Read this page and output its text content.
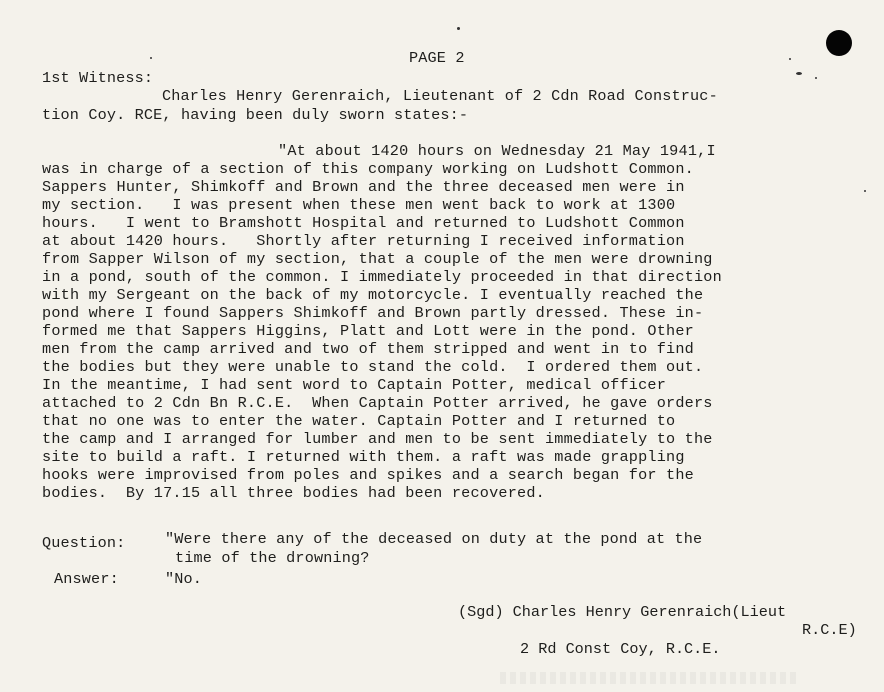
PAGE 2
1st Witness:
Charles Henry Gerenraich, Lieutenant of 2 Cdn Road Construc-
tion Coy. RCE, having been duly sworn states:-
"At about 1420 hours on Wednesday 21 May 1941,I
was in charge of a section of this company working on Ludshott Common.
Sappers Hunter, Shimkoff and Brown and the three deceased men were in
my section.   I was present when these men went back to work at 1300
hours.   I went to Bramshott Hospital and returned to Ludshott Common
at about 1420 hours.   Shortly after returning I received information
from Sapper Wilson of my section, that a couple of the men were drowning
in a pond, south of the common. I immediately proceeded in that direction
with my Sergeant on the back of my motorcycle. I eventually reached the
pond where I found Sappers Shimkoff and Brown partly dressed. These in-
formed me that Sappers Higgins, Platt and Lott were in the pond. Other
men from the camp arrived and two of them stripped and went in to find
the bodies but they were unable to stand the cold.  I ordered them out.
In the meantime, I had sent word to Captain Potter, medical officer
attached to 2 Cdn Bn R.C.E.  When Captain Potter arrived, he gave orders
that no one was to enter the water. Captain Potter and I returned to
the camp and I arranged for lumber and men to be sent immediately to the
site to build a raft. I returned with them. a raft was made grappling
hooks were improvised from poles and spikes and a search began for the
bodies.  By 17.15 all three bodies had been recovered.
Question:	"Were there any of the deceased on duty at the pond at the
time of the drowning?
Answer:	"No.
(Sgd) Charles Henry Gerenraich(Lieut
R.C.E)
2 Rd Const Coy, R.C.E.
